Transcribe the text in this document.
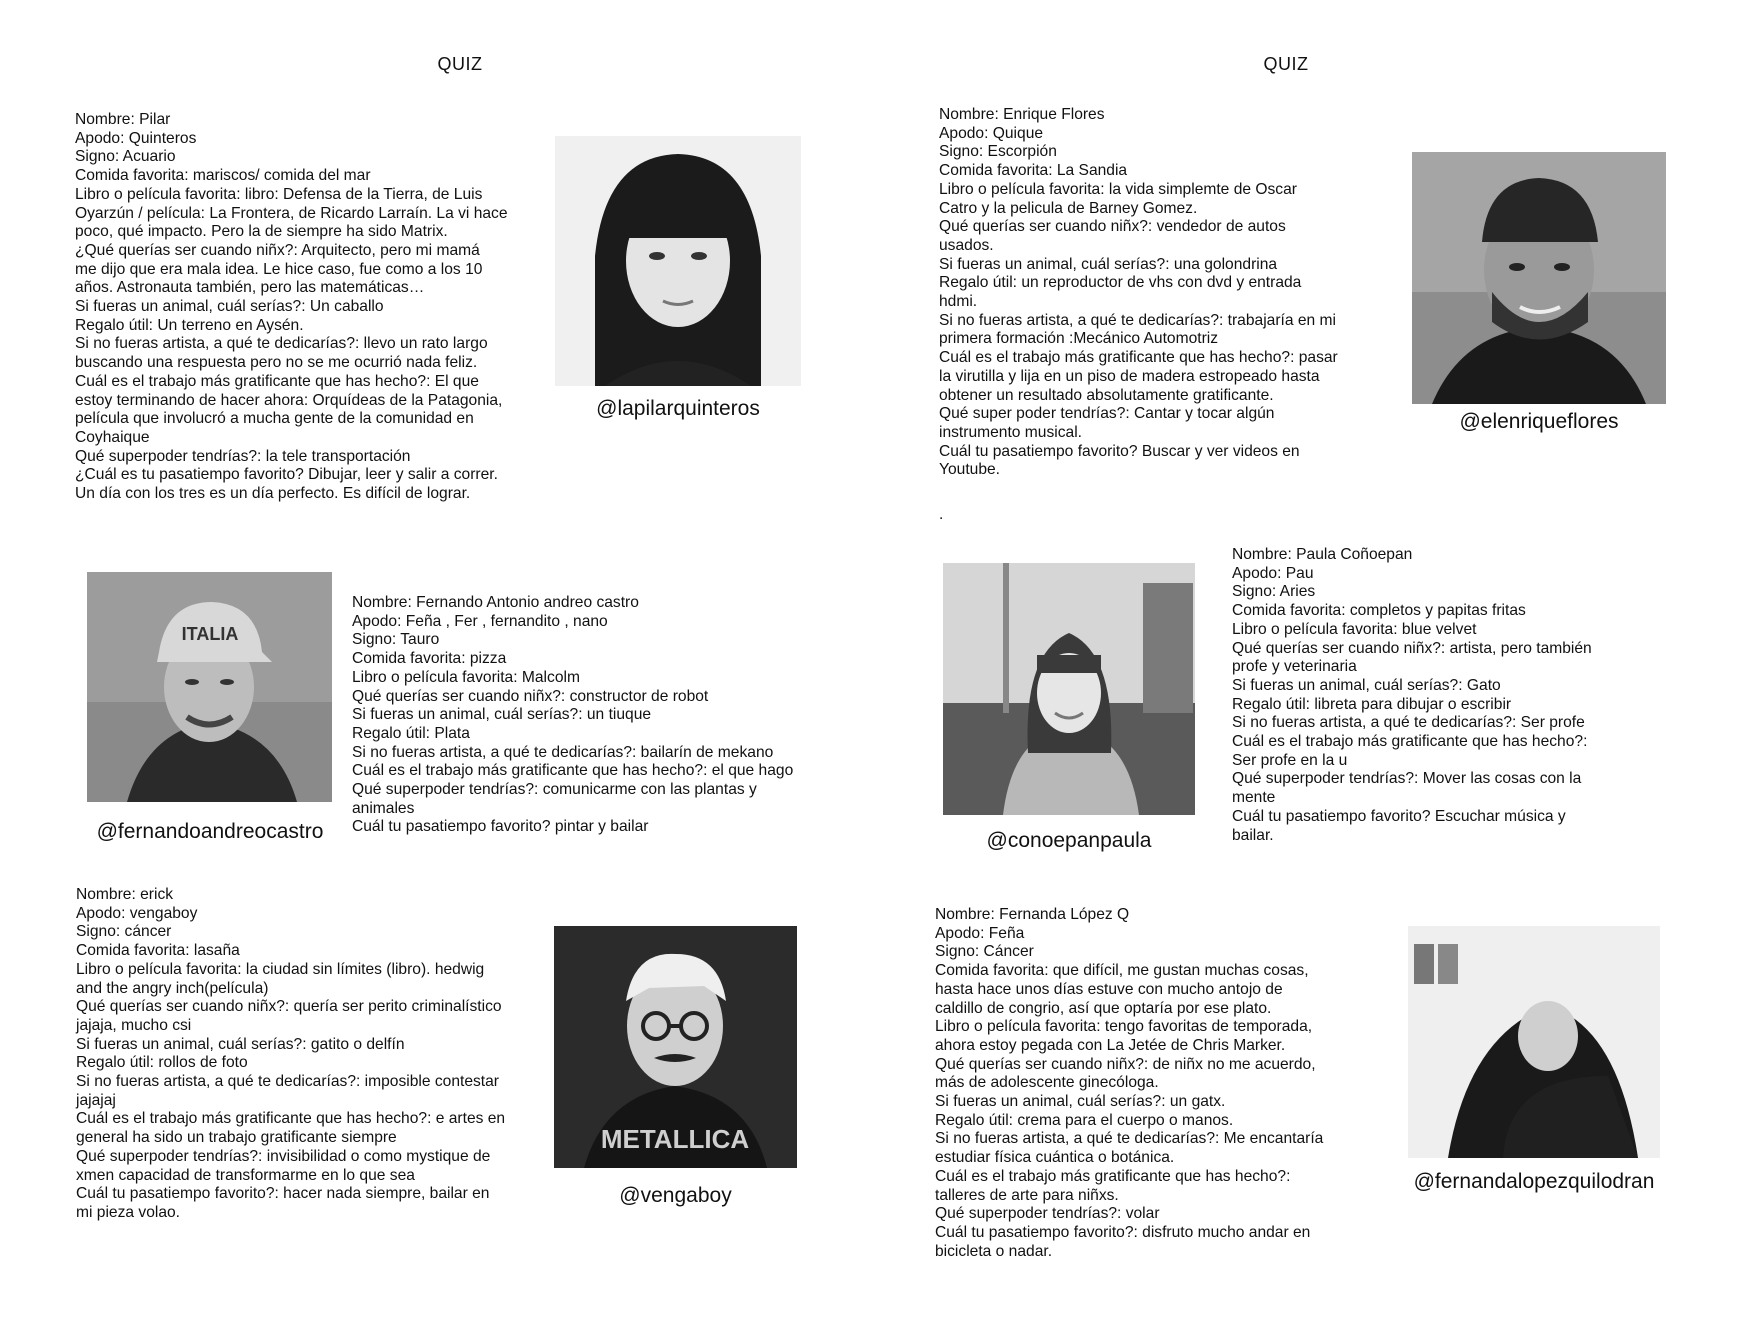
QUIZ

Nombre: Pilar
Apodo: Quinteros
Signo: Acuario
Comida favorita: mariscos/ comida del mar
Libro o película favorita: libro: Defensa de la Tierra, de Luis
Oyarzún / película: La Frontera, de Ricardo Larraín. La vi hace
poco, qué impacto. Pero la de siempre ha sido Matrix.
¿Qué querías ser cuando niñx?: Arquitecto, pero mi mamá
me dijo que era mala idea. Le hice caso, fue como a los 10
años. Astronauta también, pero las matemáticas…
Si fueras un animal, cuál serías?: Un caballo
Regalo útil: Un terreno en Aysén.
Si no fueras artista, a qué te dedicarías?: llevo un rato largo
buscando una respuesta pero no se me ocurrió nada feliz.
Cuál es el trabajo más gratificante que has hecho?: El que
estoy terminando de hacer ahora: Orquídeas de la Patagonia,
película que involucró a mucha gente de la comunidad en
Coyhaique
Qué superpoder tendrías?: la tele transportación
¿Cuál es tu pasatiempo favorito? Dibujar, leer y salir a correr.
Un día con los tres es un día perfecto. Es difícil de lograr.

@lapilarquinteros
ITALIA
@fernandoandreocastro

Nombre: Fernando Antonio andreo castro
Apodo: Feña , Fer , fernandito , nano
Signo: Tauro
Comida favorita: pizza
Libro o película favorita: Malcolm
Qué querías ser cuando niñx?: constructor de robot
Si fueras un animal, cuál serías?: un tiuque
Regalo útil: Plata
Si no fueras artista, a qué te dedicarías?: bailarín de mekano
Cuál es el trabajo más gratificante que has hecho?: el que hago
Qué superpoder tendrías?: comunicarme con las plantas y
animales
Cuál tu pasatiempo favorito? pintar y bailar

Nombre: erick
Apodo: vengaboy
Signo: cáncer
Comida favorita: lasaña
Libro o película favorita: la ciudad sin límites (libro). hedwig
and the angry inch(película)
Qué querías ser cuando niñx?: quería ser perito criminalístico
jajaja, mucho csi
Si fueras un animal, cuál serías?: gatito o delfín
Regalo útil: rollos de foto
Si no fueras artista, a qué te dedicarías?: imposible contestar
jajajaj
Cuál es el trabajo más gratificante que has hecho?: e artes en
general ha sido un trabajo gratificante siempre
Qué superpoder tendrías?: invisibilidad o como mystique de
xmen capacidad de transformarme en lo que sea
Cuál tu pasatiempo favorito?: hacer nada siempre, bailar en
mi pieza volao.

METALLICA
@vengaboy
QUIZ

Nombre: Enrique Flores
Apodo: Quique
Signo: Escorpión
Comida favorita: La Sandia
Libro o película favorita: la vida simplemte de Oscar
Catro y la pelicula de Barney Gomez.
Qué querías ser cuando niñx?: vendedor de autos
usados.
Si fueras un animal, cuál serías?: una golondrina
Regalo útil: un reproductor de vhs con dvd y entrada
hdmi.
Si no fueras artista, a qué te dedicarías?: trabajaría en mi
primera formación :Mecánico Automotriz
Cuál es el trabajo más gratificante que has hecho?: pasar
la virutilla y lija en un piso de madera estropeado hasta
obtener un resultado absolutamente gratificante.
Qué super poder tendrías?: Cantar y tocar algún
instrumento musical.
Cuál tu pasatiempo favorito? Buscar y ver videos en
Youtube.

.
@elenriqueflores
@conoepanpaula

Nombre: Paula Coñoepan
Apodo: Pau
Signo: Aries
Comida favorita: completos y papitas fritas
Libro o película favorita: blue velvet
Qué querías ser cuando niñx?: artista, pero también
profe y veterinaria
Si fueras un animal, cuál serías?: Gato
Regalo útil: libreta para dibujar o escribir
Si no fueras artista, a qué te dedicarías?: Ser profe
Cuál es el trabajo más gratificante que has hecho?:
Ser profe en la u
Qué superpoder tendrías?: Mover las cosas con la
mente
Cuál tu pasatiempo favorito? Escuchar música y
bailar.

Nombre: Fernanda López Q
Apodo: Feña
Signo: Cáncer
Comida favorita: que difícil, me gustan muchas cosas,
hasta hace unos días estuve con mucho antojo de
caldillo de congrio, así que optaría por ese plato.
Libro o película favorita: tengo favoritas de temporada,
ahora estoy pegada con La Jetée de Chris Marker.
Qué querías ser cuando niñx?: de niñx no me acuerdo,
más de adolescente ginecóloga.
Si fueras un animal, cuál serías?: un gatx.
Regalo útil: crema para el cuerpo o manos.
Si no fueras artista, a qué te dedicarías?: Me encantaría
estudiar física cuántica o botánica.
Cuál es el trabajo más gratificante que has hecho?:
talleres de arte para niñxs.
Qué superpoder tendrías?: volar
Cuál tu pasatiempo favorito?: disfruto mucho andar en
bicicleta o nadar.

@fernandalopezquilodran
